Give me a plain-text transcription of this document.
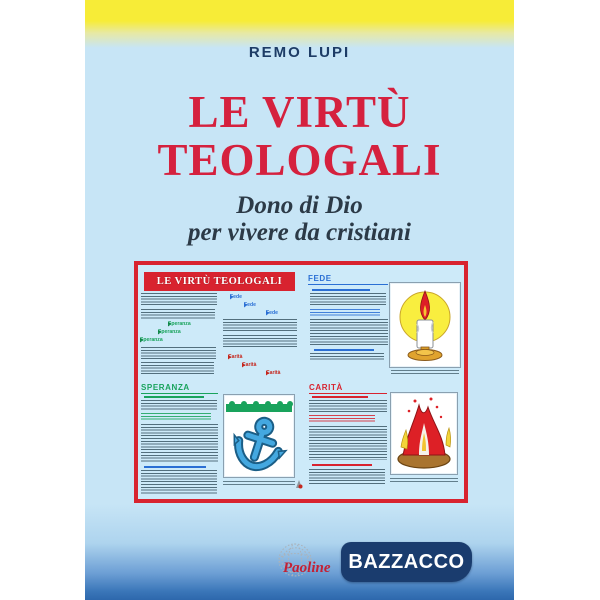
REMO LUPI
LE VIRTÙ
TEOLOGALI
Dono di Dio
per vivere da cristiani
LE VIRTÙ TEOLOGALI
Speranza
Speranza
Speranza
Fede
Fede
Fede
Carità
Carità
Carità
FEDE
SPERANZA	CARITÀ
Paoline BAZZACCO
